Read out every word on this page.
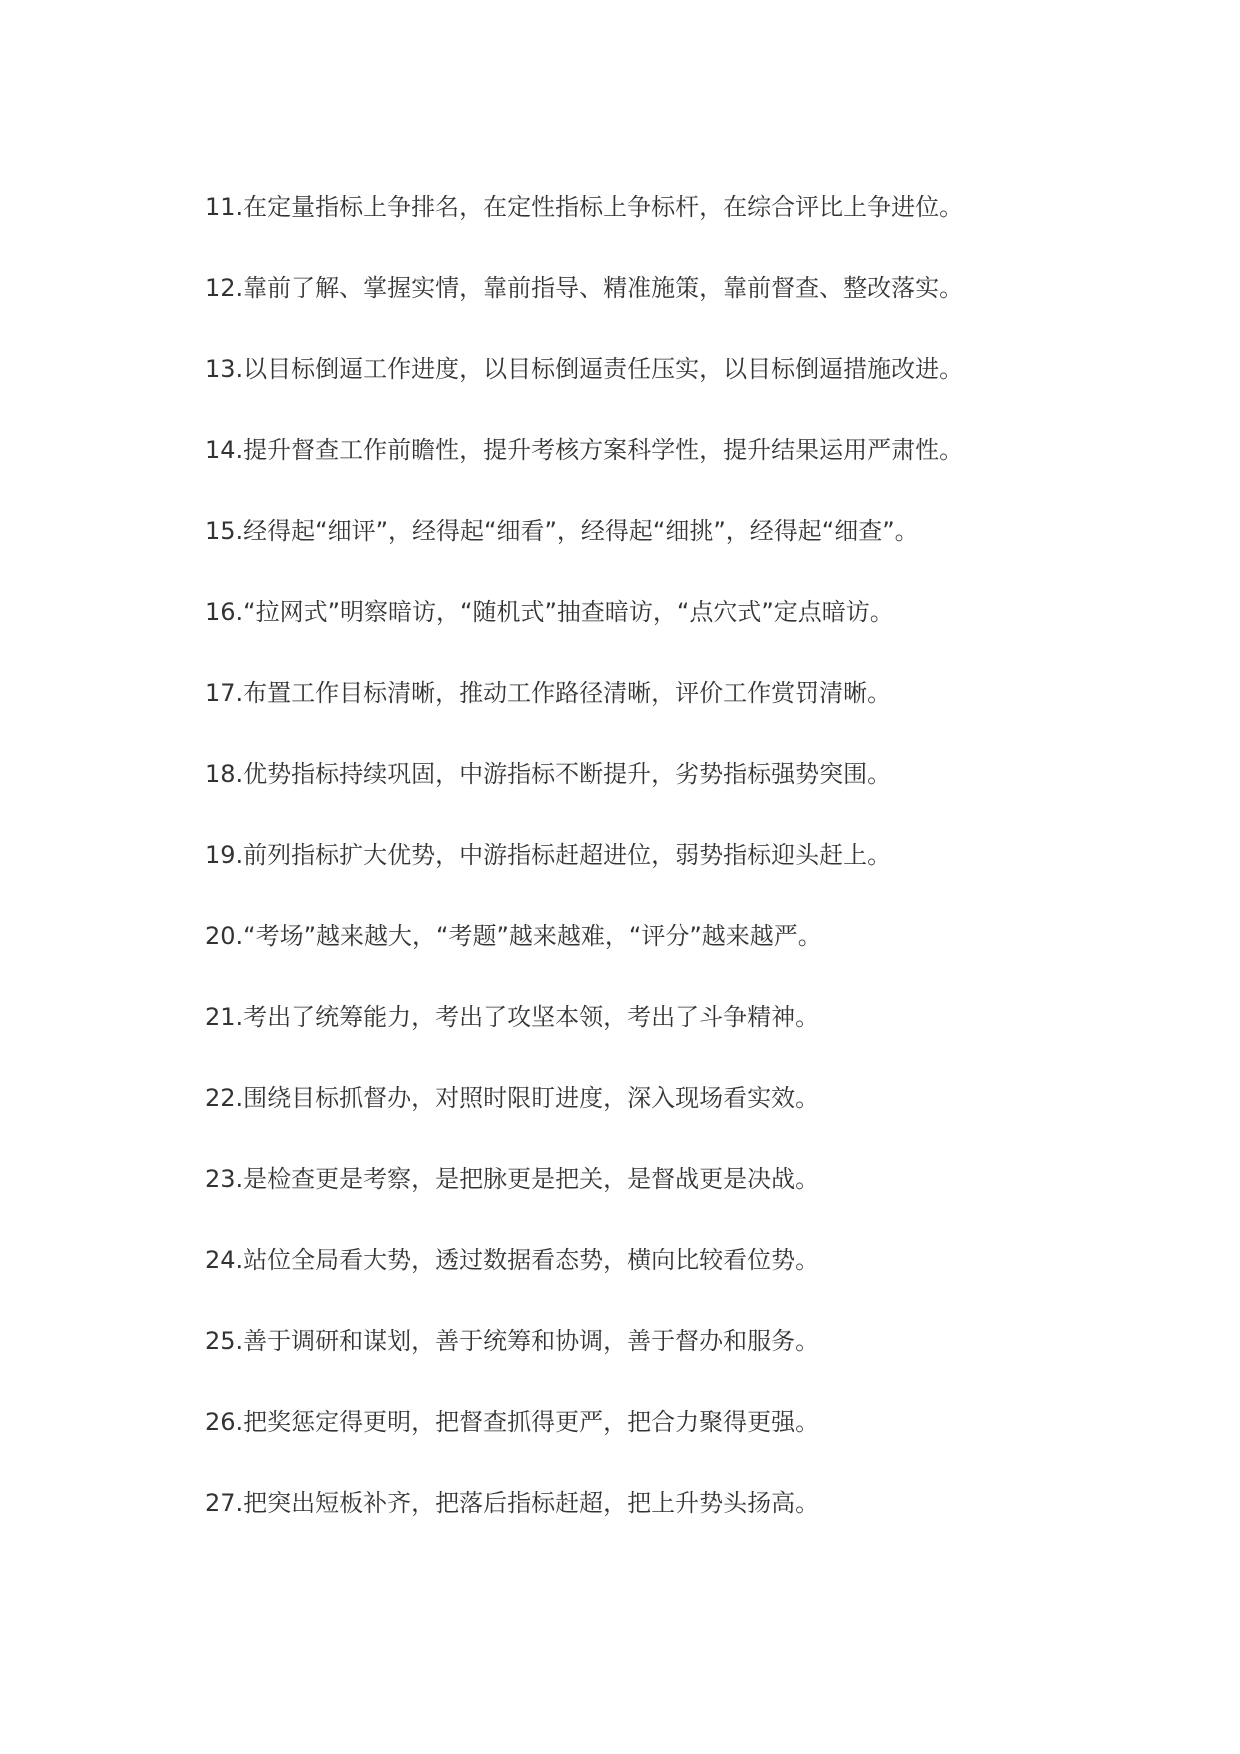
11.在定量指标上争排名，在定性指标上争标杆，在综合评比上争进位。
12.靠前了解、掌握实情，靠前指导、精准施策，靠前督查、整改落实。
13.以目标倒逼工作进度，以目标倒逼责任压实，以目标倒逼措施改进。
14.提升督查工作前瞻性，提升考核方案科学性，提升结果运用严肃性。
15.经得起“细评”，经得起“细看”，经得起“细挑”，经得起“细查”。
16.“拉网式”明察暗访，“随机式”抽查暗访，“点穴式”定点暗访。
17.布置工作目标清晰，推动工作路径清晰，评价工作赏罚清晰。
18.优势指标持续巩固，中游指标不断提升，劣势指标强势突围。
19.前列指标扩大优势，中游指标赶超进位，弱势指标迎头赶上。
20.“考场”越来越大，“考题”越来越难，“评分”越来越严。
21.考出了统筹能力，考出了攻坚本领，考出了斗争精神。
22.围绕目标抓督办，对照时限盯进度，深入现场看实效。
23.是检查更是考察，是把脉更是把关，是督战更是决战。
24.站位全局看大势，透过数据看态势，横向比较看位势。
25.善于调研和谋划，善于统筹和协调，善于督办和服务。
26.把奖惩定得更明，把督查抓得更严，把合力聚得更强。
27.把突出短板补齐，把落后指标赶超，把上升势头扬高。
